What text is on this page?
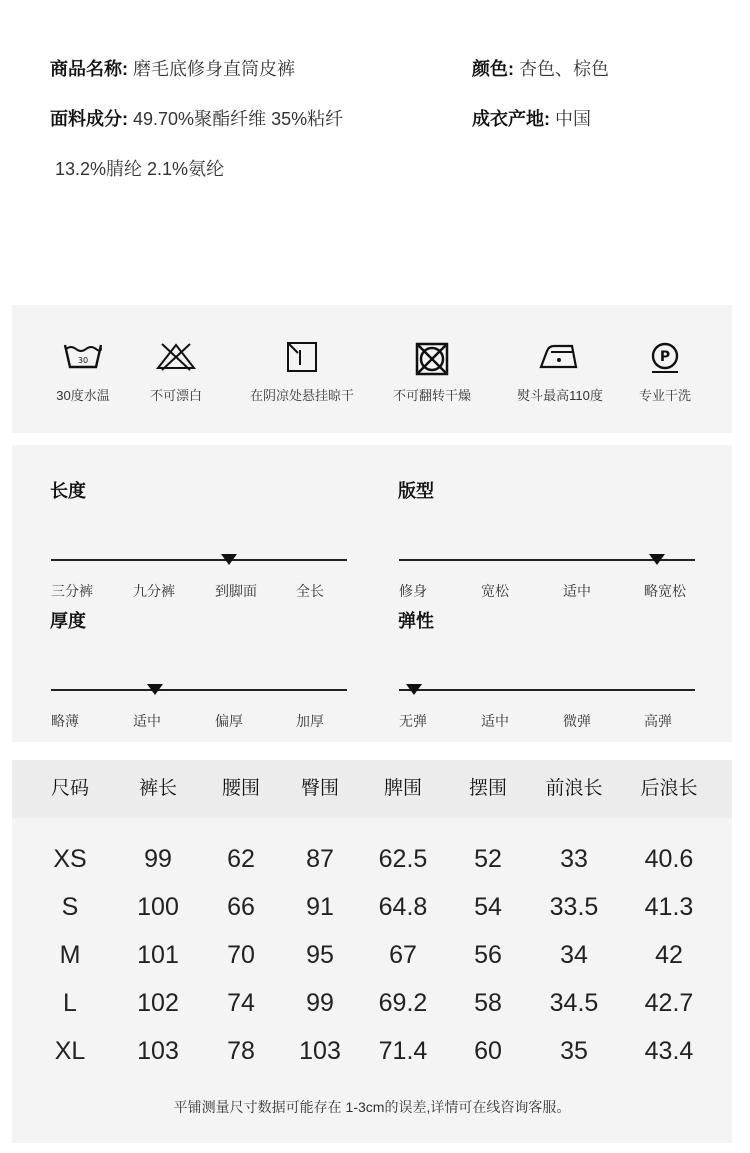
商品名称: 磨毛底修身直筒皮裤	颜色: 杏色、棕色
面料成分: 49.70%聚酯纤维 35%粘纤
13.2%腈纶 2.1%氨纶
成衣产地: 中国
30
30度水温	不可漂白	在阴凉处悬挂晾干	不可翻转干燥	熨斗最高110度
P
专业干洗
长度
三分裤	九分裤	到脚面	全长
版型
修身	宽松	适中	略宽松
厚度
略薄	适中	偏厚	加厚
弹性
无弹	适中	微弹	高弹
尺码	裤长	腰围	臀围	脾围	摆围	前浪长	后浪长
XS	99	62	87	62.5	52	33	40.6
S	100	66	91	64.8	54	33.5	41.3
M	101	70	95	67	56	34	42
L	102	74	99	69.2	58	34.5	42.7
XL	103	78	103	71.4	60	35	43.4
平铺测量尺寸数据可能存在 1-3cm的误差,详情可在线咨询客服。
